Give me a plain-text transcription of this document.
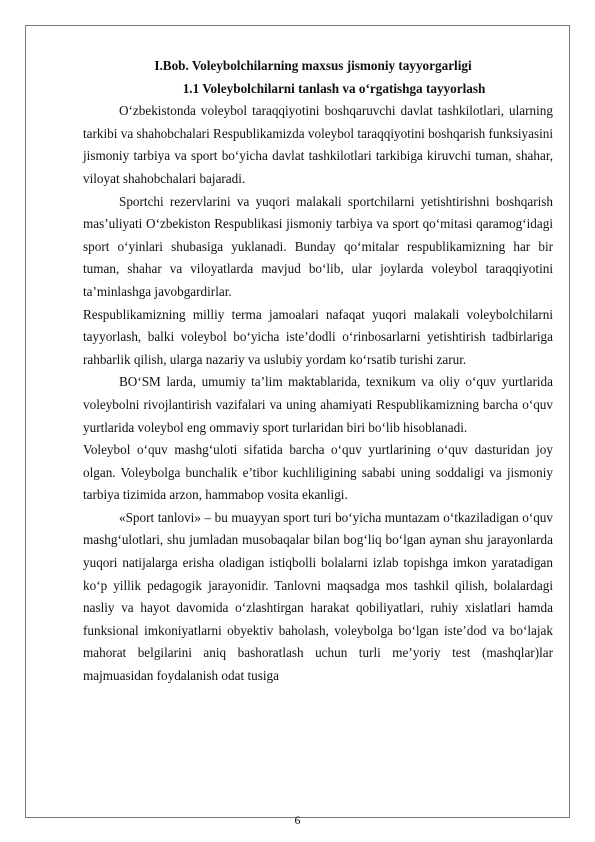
I.Bob. Voleybolchilarning maxsus jismoniy tayyorgarligi
1.1 Voleybolchilarni tanlash va o‘rgatishga tayyorlash

O‘zbekistonda voleybol taraqqiyotini boshqaruvchi davlat tashkilotlari, ularning tarkibi va shahobchalari Respublikamizda voleybol taraqqiyotini boshqarish funksiyasini jismoniy tarbiya va sport bo‘yicha davlat tashkilotlari tarkibiga kiruvchi tuman, shahar, viloyat shahobchalari bajaradi.

Sportchi rezervlarini va yuqori malakali sportchilarni yetishtirishni boshqarish mas’uliyati O‘zbekiston Respublikasi jismoniy tarbiya va sport qo‘mitasi qaramog‘idagi sport o‘yinlari shubasiga yuklanadi. Bunday qo‘mitalar respublikamizning har bir tuman, shahar va viloyatlarda mavjud bo‘lib, ular joylarda voleybol taraqqiyotini ta’minlashga javobgardirlar.

Respublikamizning milliy terma jamoalari nafaqat yuqori malakali voleybolchilarni tayyorlash, balki voleybol bo‘yicha iste’dodli o‘rinbosarlarni yetishtirish tadbirlariga rahbarlik qilish, ularga nazariy va uslubiy yordam ko‘rsatib turishi zarur.

BO‘SM larda, umumiy ta’lim maktablarida, texnikum va oliy o‘quv yurtlarida voleybolni rivojlantirish vazifalari va uning ahamiyati Respublikamizning barcha o‘quv yurtlarida voleybol eng ommaviy sport turlaridan biri bo‘lib hisoblanadi.

Voleybol o‘quv mashg‘uloti sifatida barcha o‘quv yurtlarining o‘quv dasturidan joy olgan. Voleybolga bunchalik e’tibor kuchliligining sababi uning soddaligi va jismoniy tarbiya tizimida arzon, hammabop vosita ekanligi.

«Sport tanlovi» – bu muayyan sport turi bo‘yicha muntazam o‘tkaziladigan o‘quv mashg‘ulotlari, shu jumladan musobaqalar bilan bog‘liq bo‘lgan aynan shu jarayonlarda yuqori natijalarga erisha oladigan istiqbolli bolalarni izlab topishga imkon yaratadigan ko‘p yillik pedagogik jarayonidir. Tanlovni maqsadga mos tashkil qilish, bolalardagi nasliy va hayot davomida o‘zlashtirgan harakat qobiliyatlari, ruhiy xislatlari hamda funksional imkoniyatlarni obyektiv baholash, voleybolga bo‘lgan iste’dod va bo‘lajak mahorat belgilarini aniq bashoratlash uchun turli me’yoriy test (mashqlar)lar majmuasidan foydalanish odat tusiga

6
